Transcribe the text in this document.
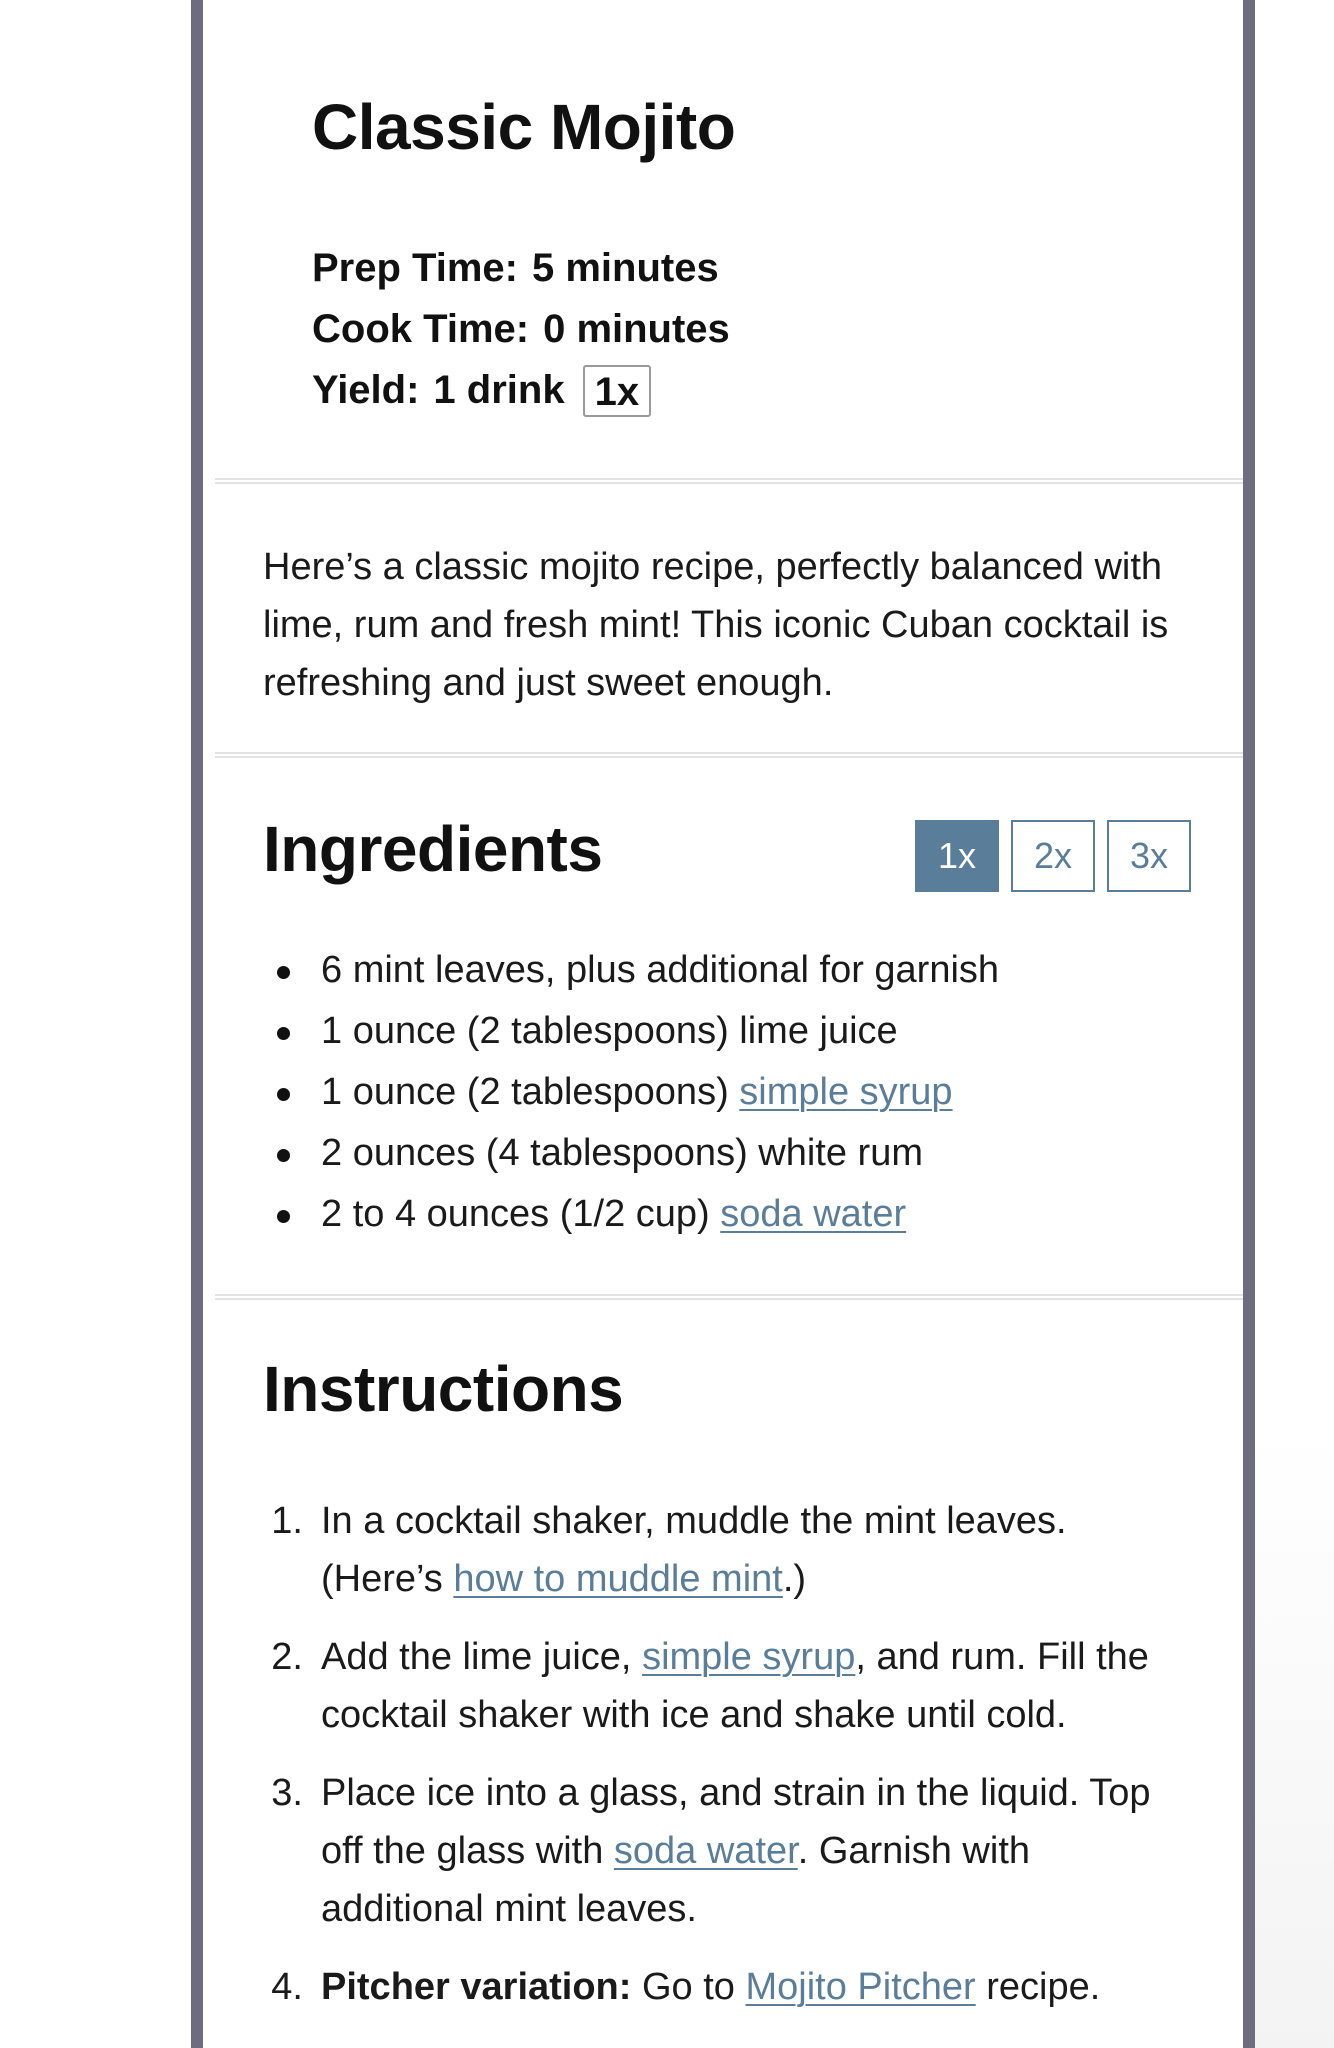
Classic Mojito
Prep Time: 5 minutes
Cook Time: 0 minutes
Yield: 1 drink 1x

Here’s a classic mojito recipe, perfectly balanced with lime, rum and fresh mint! This iconic Cuban cocktail is refreshing and just sweet enough.

Ingredients	1x	2x	3x
6 mint leaves, plus additional for garnish
1 ounce (2 tablespoons) lime juice
1 ounce (2 tablespoons) simple syrup
2 ounces (4 tablespoons) white rum
2 to 4 ounces (1/2 cup) soda water
Instructions
1. In a cocktail shaker, muddle the mint leaves. (Here’s how to muddle mint.)
2. Add the lime juice, simple syrup, and rum. Fill the cocktail shaker with ice and shake until cold.
3. Place ice into a glass, and strain in the liquid. Top off the glass with soda water. Garnish with additional mint leaves.
4. Pitcher variation: Go to Mojito Pitcher recipe.
